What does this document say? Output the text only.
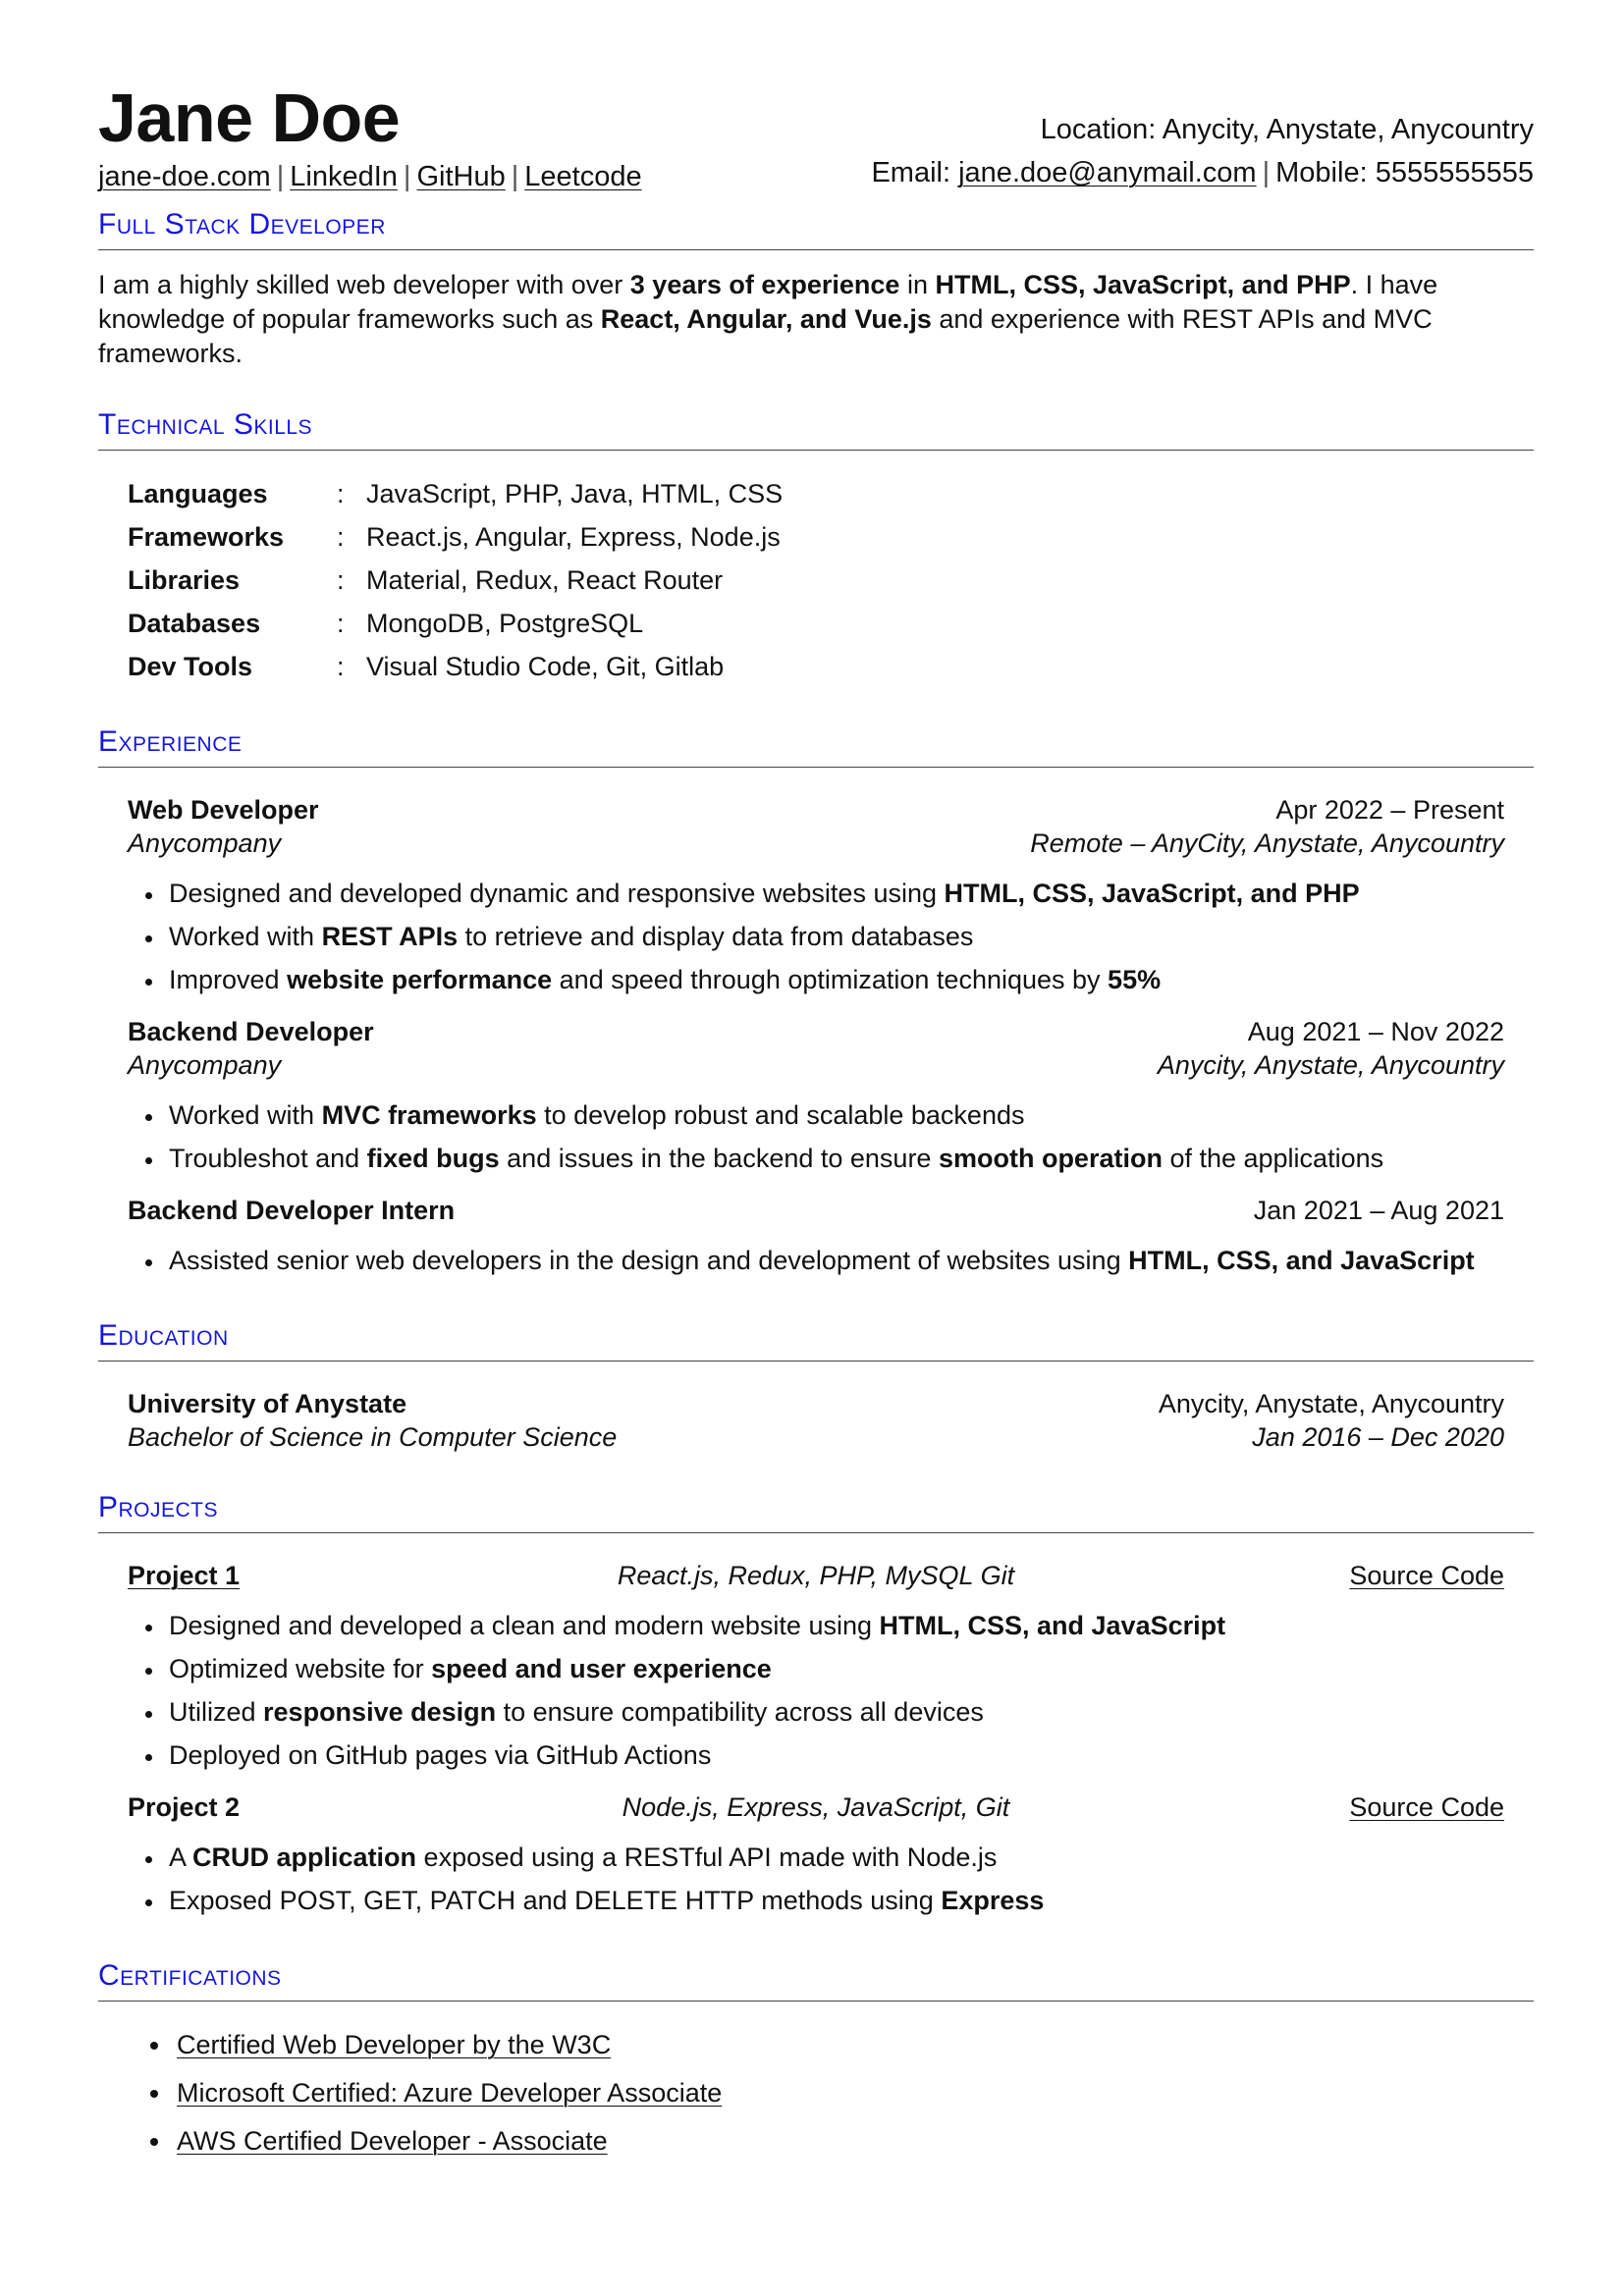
Jane Doe
jane-doe.com | LinkedIn | GitHub | Leetcode
Location: Anycity, Anystate, Anycountry
Email: jane.doe@anymail.com | Mobile: 5555555555
Full Stack Developer

I am a highly skilled web developer with over 3 years of experience in HTML, CSS, JavaScript, and PHP. I have knowledge of popular frameworks such as React, Angular, and Vue.js and experience with REST APIs and MVC frameworks.

Technical Skills
Languages	:	JavaScript, PHP, Java, HTML, CSS
Frameworks	:	React.js, Angular, Express, Node.js
Libraries	:	Material, Redux, React Router
Databases	:	MongoDB, PostgreSQL
Dev Tools	:	Visual Studio Code, Git, Gitlab
Experience
Web Developer	Apr 2022 – Present
Anycompany	Remote – AnyCity, Anystate, Anycountry
• Designed and developed dynamic and responsive websites using HTML, CSS, JavaScript, and PHP
• Worked with REST APIs to retrieve and display data from databases
• Improved website performance and speed through optimization techniques by 55%
Backend Developer	Aug 2021 – Nov 2022
Anycompany	Anycity, Anystate, Anycountry
• Worked with MVC frameworks to develop robust and scalable backends
• Troubleshot and fixed bugs and issues in the backend to ensure smooth operation of the applications
Backend Developer Intern	Jan 2021 – Aug 2021
• Assisted senior web developers in the design and development of websites using HTML, CSS, and JavaScript
Education
University of Anystate	Anycity, Anystate, Anycountry
Bachelor of Science in Computer Science	Jan 2016 – Dec 2020
Projects
Project 1	React.js, Redux, PHP, MySQL Git	Source Code
• Designed and developed a clean and modern website using HTML, CSS, and JavaScript
• Optimized website for speed and user experience
• Utilized responsive design to ensure compatibility across all devices
• Deployed on GitHub pages via GitHub Actions
Project 2	Node.js, Express, JavaScript, Git	Source Code
• A CRUD application exposed using a RESTful API made with Node.js
• Exposed POST, GET, PATCH and DELETE HTTP methods using Express
Certifications
• Certified Web Developer by the W3C
• Microsoft Certified: Azure Developer Associate
• AWS Certified Developer - Associate
